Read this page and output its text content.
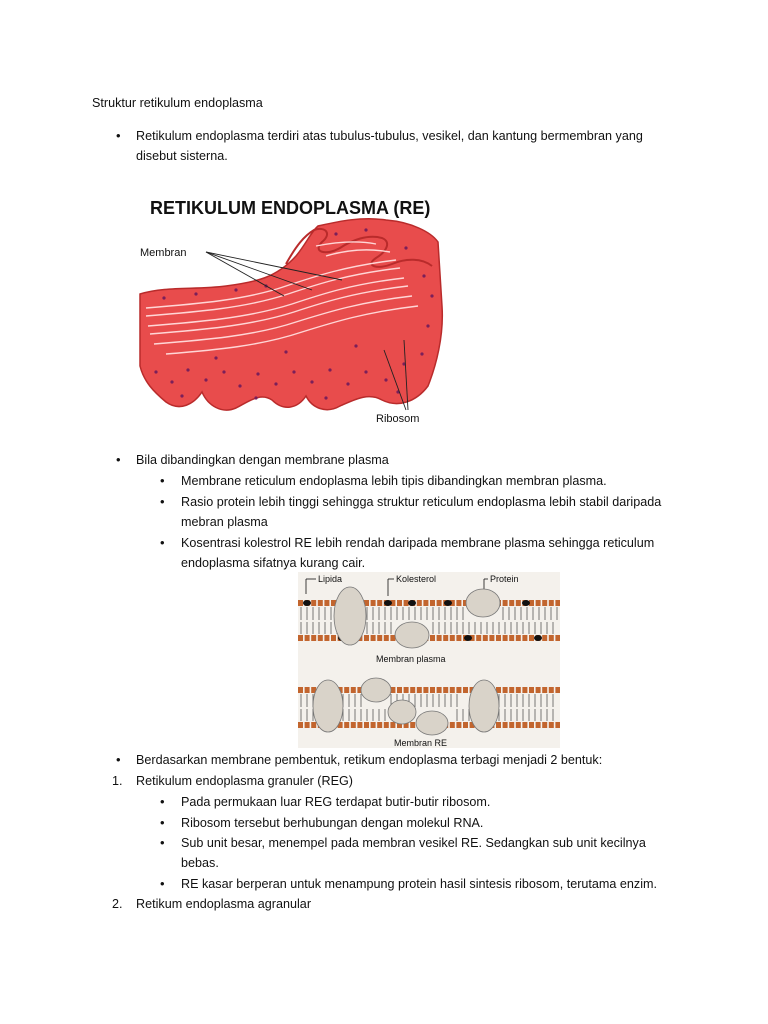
Struktur retikulum endoplasma
• Retikulum endoplasma terdiri atas tubulus-tubulus, vesikel, dan kantung bermembran yang
disebut sisterna.
RETIKULUM ENDOPLASMA (RE)
Membran
Ribosom
• Bila dibandingkan dengan membrane plasma
• Membrane reticulum endoplasma lebih tipis dibandingkan membran plasma.
• Rasio protein lebih tinggi sehingga struktur reticulum endoplasma lebih stabil daripada
mebran plasma
• Kosentrasi kolestrol RE lebih rendah daripada membrane plasma sehingga reticulum
endoplasma sifatnya kurang cair.
Lipida	Kolesterol	Protein
Membran plasma
Membran RE
• Berdasarkan membrane pembentuk, retikum endoplasma terbagi menjadi 2 bentuk:
1. Retikulum endoplasma granuler (REG)
• Pada permukaan luar REG terdapat butir-butir ribosom.
• Ribosom tersebut berhubungan dengan molekul RNA.
• Sub unit besar, menempel pada membran vesikel RE. Sedangkan sub unit kecilnya
bebas.
• RE kasar berperan untuk menampung protein hasil sintesis ribosom, terutama enzim.
2. Retikum endoplasma agranular
